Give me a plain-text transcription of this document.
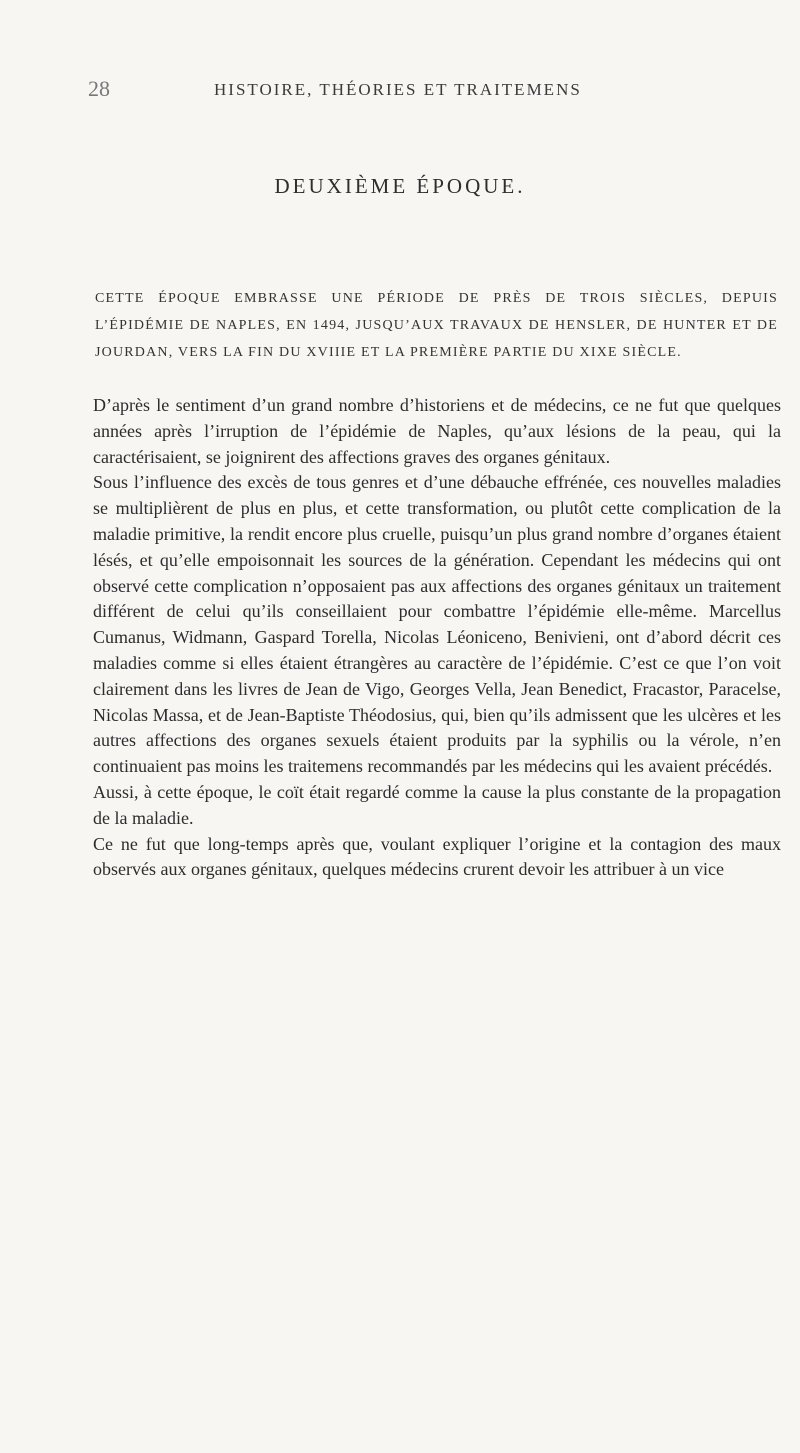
28	HISTOIRE, THÉORIES ET TRAITEMENS
DEUXIÈME ÉPOQUE.
CETTE ÉPOQUE EMBRASSE UNE PÉRIODE DE PRÈS DE TROIS SIÈCLES, DEPUIS L’ÉPIDÉMIE DE NAPLES, EN 1494, JUSQU’AUX TRAVAUX DE HENSLER, DE HUNTER ET DE JOURDAN, VERS LA FIN DU XVIIIE ET LA PREMIÈRE PARTIE DU XIXE SIÈCLE.

D’après le sentiment d’un grand nombre d’historiens et de médecins, ce ne fut que quelques années après l’irruption de l’épidémie de Naples, qu’aux lésions de la peau, qui la caractérisaient, se joignirent des affections graves des organes génitaux.

Sous l’influence des excès de tous genres et d’une débauche effrénée, ces nouvelles maladies se multiplièrent de plus en plus, et cette transformation, ou plutôt cette complication de la maladie primitive, la rendit encore plus cruelle, puisqu’un plus grand nombre d’organes étaient lésés, et qu’elle empoisonnait les sources de la génération. Cependant les médecins qui ont observé cette complication n’opposaient pas aux affections des organes génitaux un traitement différent de celui qu’ils conseillaient pour combattre l’épidémie elle-même. Marcellus Cumanus, Widmann, Gaspard Torella, Nicolas Léoniceno, Benivieni, ont d’abord décrit ces maladies comme si elles étaient étrangères au caractère de l’épidémie. C’est ce que l’on voit clairement dans les livres de Jean de Vigo, Georges Vella, Jean Benedict, Fracastor, Paracelse, Nicolas Massa, et de Jean-Baptiste Théodosius, qui, bien qu’ils admissent que les ulcères et les autres affections des organes sexuels étaient produits par la syphilis ou la vérole, n’en continuaient pas moins les traitemens recommandés par les médecins qui les avaient précédés.

Aussi, à cette époque, le coït était regardé comme la cause la plus constante de la propagation de la maladie.

Ce ne fut que long-temps après que, voulant expliquer l’origine et la contagion des maux observés aux organes génitaux, quelques médecins crurent devoir les attribuer à un vice
